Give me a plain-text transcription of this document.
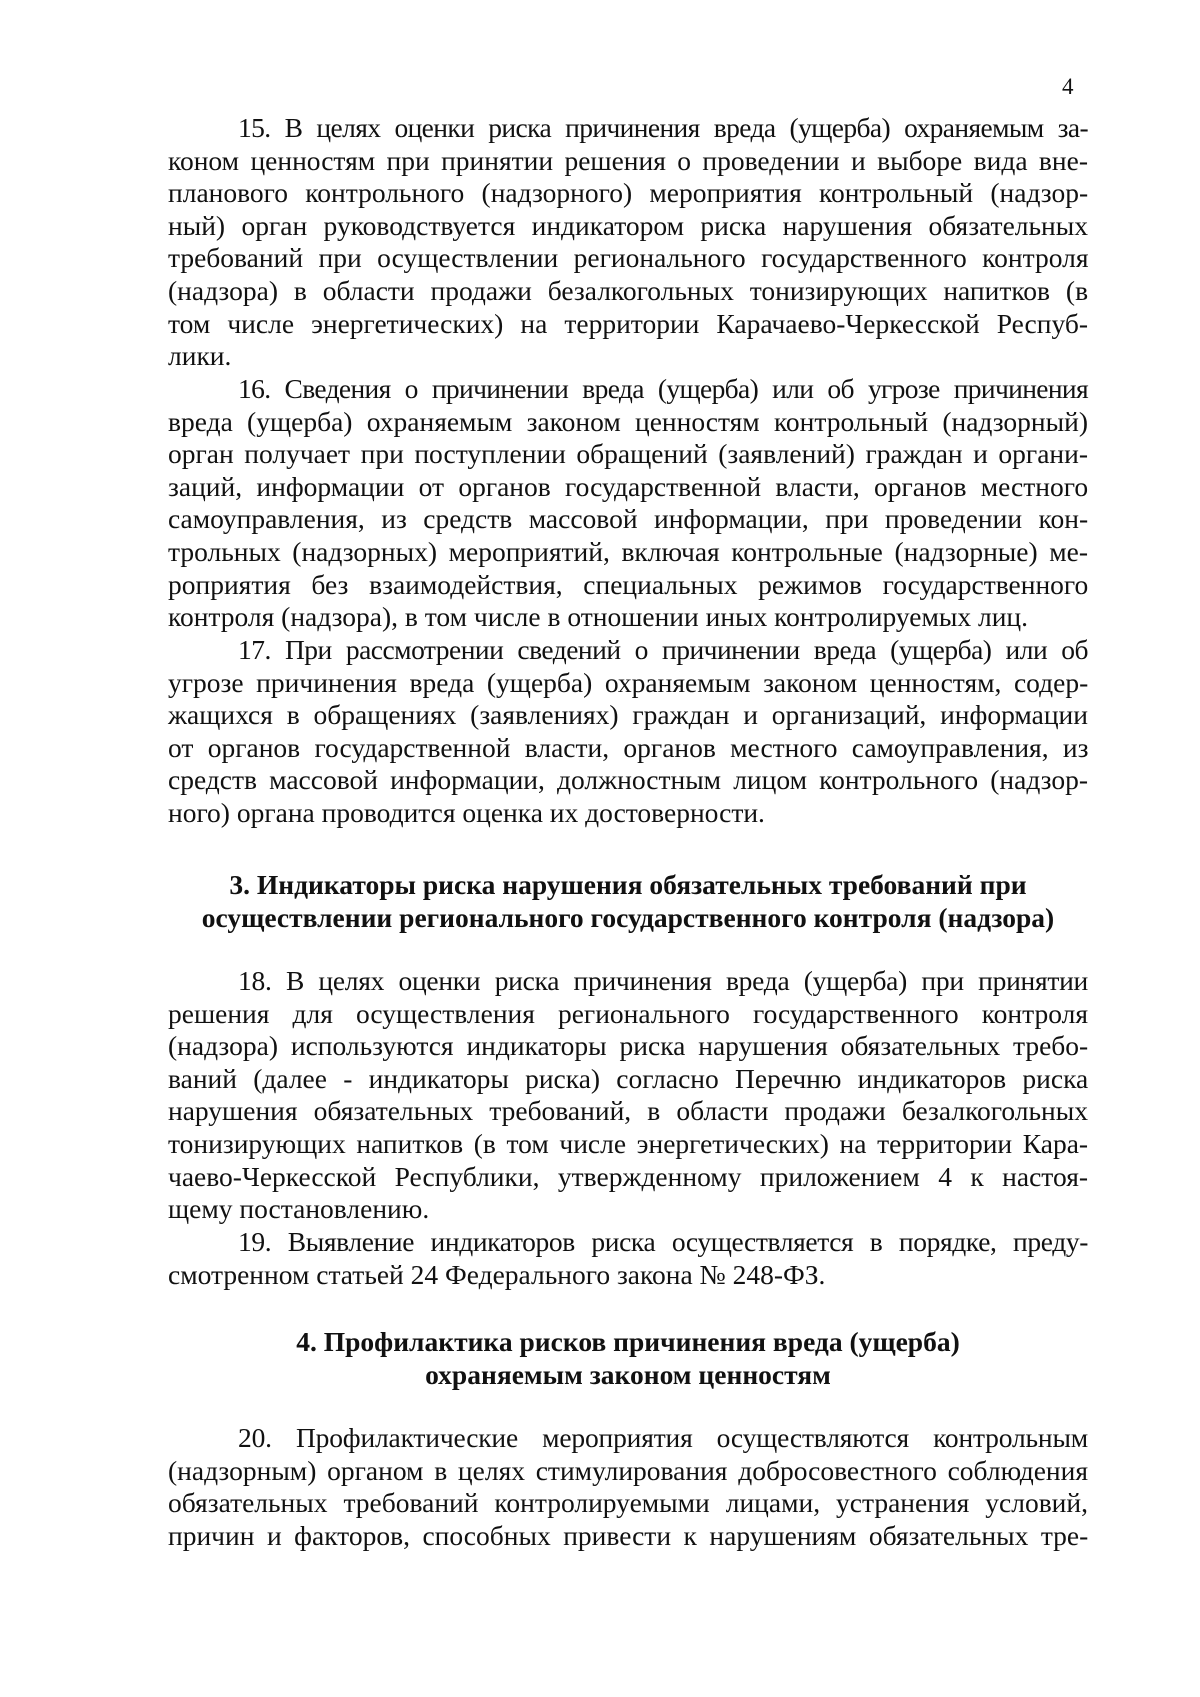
4

15. В целях оценки риска причинения вреда (ущерба) охраняемым за-
коном ценностям при принятии решения о проведении и выборе вида вне-
планового контрольного (надзорного) мероприятия контрольный (надзор-
ный) орган руководствуется индикатором риска нарушения обязательных
требований при осуществлении регионального государственного контроля
(надзора) в области продажи безалкогольных тонизирующих напитков (в
том числе энергетических) на территории Карачаево-Черкесской Респуб-
лики.

16. Сведения о причинении вреда (ущерба) или об угрозе причинения
вреда (ущерба) охраняемым законом ценностям контрольный (надзорный)
орган получает при поступлении обращений (заявлений) граждан и органи-
заций, информации от органов государственной власти, органов местного
самоуправления, из средств массовой информации, при проведении кон-
трольных (надзорных) мероприятий, включая контрольные (надзорные) ме-
роприятия без взаимодействия, специальных режимов государственного
контроля (надзора), в том числе в отношении иных контролируемых лиц.

17. При рассмотрении сведений о причинении вреда (ущерба) или об
угрозе причинения вреда (ущерба) охраняемым законом ценностям, содер-
жащихся в обращениях (заявлениях) граждан и организаций, информации
от органов государственной власти, органов местного самоуправления, из
средств массовой информации, должностным лицом контрольного (надзор-
ного) органа проводится оценка их достоверности.

3. Индикаторы риска нарушения обязательных требований при
осуществлении регионального государственного контроля (надзора)

18. В целях оценки риска причинения вреда (ущерба) при принятии
решения для осуществления регионального государственного контроля
(надзора) используются индикаторы риска нарушения обязательных требо-
ваний (далее - индикаторы риска) согласно Перечню индикаторов риска
нарушения обязательных требований, в области продажи безалкогольных
тонизирующих напитков (в том числе энергетических) на территории Кара-
чаево-Черкесской Республики, утвержденному приложением 4 к настоя-
щему постановлению.

19. Выявление индикаторов риска осуществляется в порядке, преду-
смотренном статьей 24 Федерального закона № 248-ФЗ.

4. Профилактика рисков причинения вреда (ущерба)
охраняемым законом ценностям

20. Профилактические мероприятия осуществляются контрольным
(надзорным) органом в целях стимулирования добросовестного соблюдения
обязательных требований контролируемыми лицами, устранения условий,
причин и факторов, способных привести к нарушениям обязательных тре-
